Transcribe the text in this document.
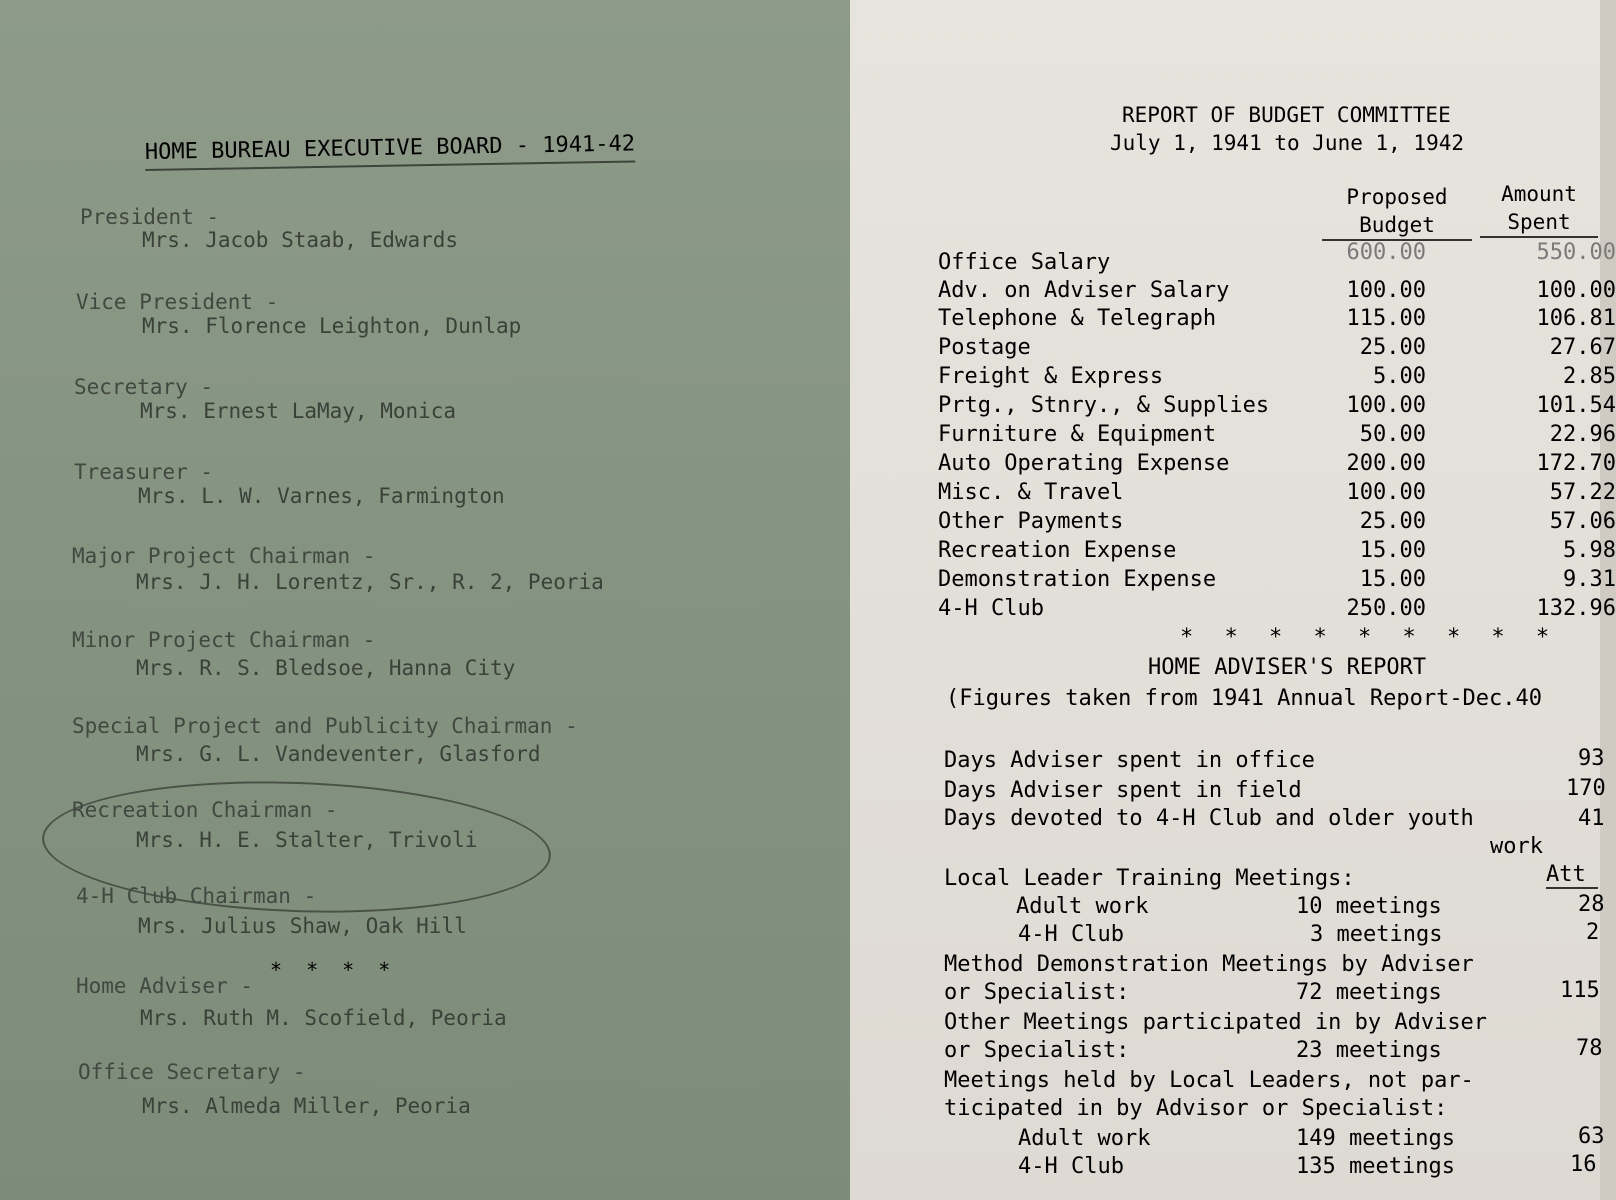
HOME BUREAU EXECUTIVE BOARD - 1941-42
President -
Mrs. Jacob Staab, Edwards
Vice President -
Mrs. Florence Leighton, Dunlap
Secretary -
Mrs. Ernest LaMay, Monica
Treasurer -
Mrs. L. W. Varnes, Farmington
Major Project Chairman -
Mrs. J. H. Lorentz, Sr., R. 2, Peoria
Minor Project Chairman -
Mrs. R. S. Bledsoe, Hanna City
Special Project and Publicity Chairman -
Mrs. G. L. Vandeventer, Glasford
Recreation Chairman -
Mrs. H. E. Stalter, Trivoli
4-H Club Chairman -
Mrs. Julius Shaw, Oak Hill
* * * *
Home Adviser -
Mrs. Ruth M. Scofield, Peoria
Office Secretary -
Mrs. Almeda Miller, Peoria
REPORT OF BUDGET COMMITTEE
July 1, 1941 to June 1, 1942
Proposed
Budget
Amount
Spent
Office Salary	600.00	550.00
Adv. on Adviser Salary	100.00	100.00
Telephone & Telegraph	115.00	106.81
Postage	25.00	27.67
Freight & Express	5.00	2.85
Prtg., Stnry., & Supplies	100.00	101.54
Furniture & Equipment	50.00	22.96
Auto Operating Expense	200.00	172.70
Misc. & Travel	100.00	57.22
Other Payments	25.00	57.06
Recreation Expense	15.00	5.98
Demonstration Expense	15.00	9.31
4-H Club	250.00	132.96
* * * * * * * * *
HOME ADVISER'S REPORT
(Figures taken from 1941 Annual Report-Dec.40
Days Adviser spent in office	93
Days Adviser spent in field	170
Days devoted to 4-H Club and older youth	41
work
Local Leader Training Meetings:	Att
Adult work	10 meetings	28
4-H Club	3 meetings	2
Method Demonstration Meetings by Adviser
or Specialist:	72 meetings	115
Other Meetings participated in by Adviser
or Specialist:	23 meetings	78
Meetings held by Local Leaders, not par-
ticipated in by Advisor or Specialist:
Adult work	149 meetings	63
4-H Club	135 meetings	16
